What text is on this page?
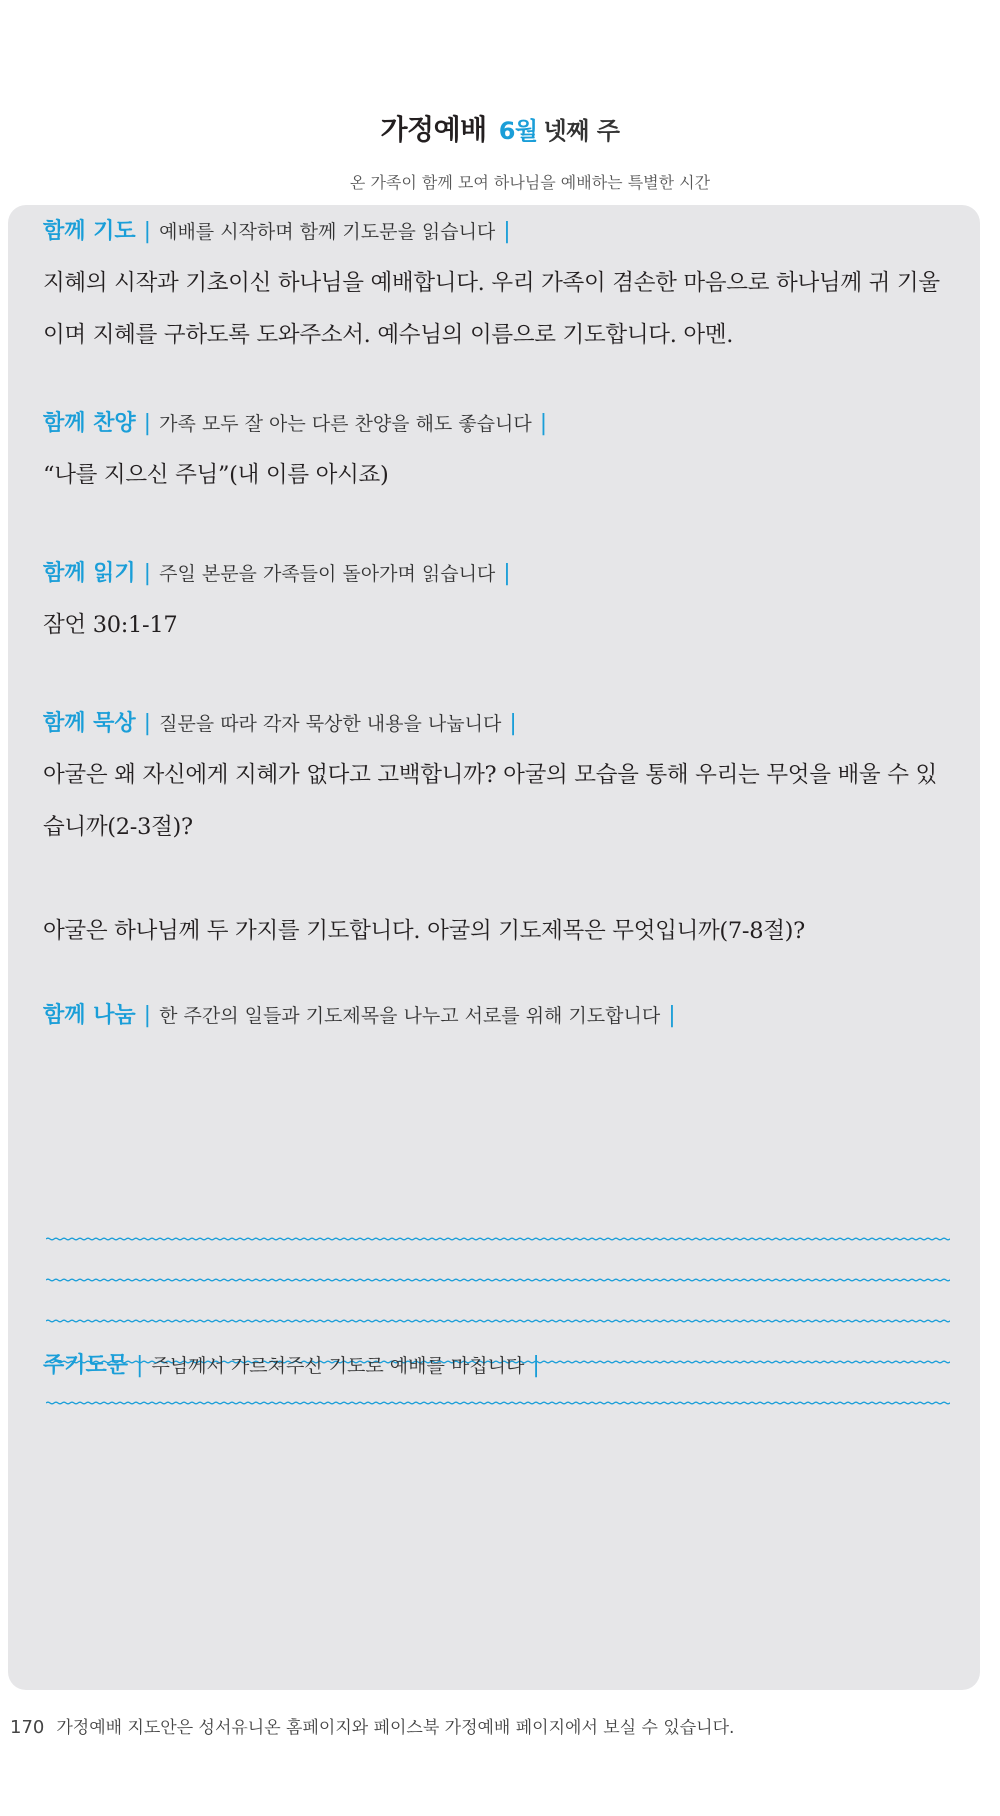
가정예배 6월 넷째 주
온 가족이 함께 모여 하나님을 예배하는 특별한 시간
함께 기도 | 예배를 시작하며 함께 기도문을 읽습니다 |

지혜의 시작과 기초이신 하나님을 예배합니다. 우리 가족이 겸손한 마음으로 하나님께 귀 기울이며 지혜를 구하도록 도와주소서. 예수님의 이름으로 기도합니다. 아멘.

함께 찬양 | 가족 모두 잘 아는 다른 찬양을 해도 좋습니다 |

“나를 지으신 주님”(내 이름 아시죠)

함께 읽기 | 주일 본문을 가족들이 돌아가며 읽습니다 |

잠언 30:1-17

함께 묵상 | 질문을 따라 각자 묵상한 내용을 나눕니다 |

아굴은 왜 자신에게 지혜가 없다고 고백합니까? 아굴의 모습을 통해 우리는 무엇을 배울 수 있습니까(2-3절)?

아굴은 하나님께 두 가지를 기도합니다. 아굴의 기도제목은 무엇입니까(7-8절)?

함께 나눔 | 한 주간의 일들과 기도제목을 나누고 서로를 위해 기도합니다 |
주기도문 | 주님께서 가르쳐주신 기도로 예배를 마칩니다 |
170 가정예배 지도안은 성서유니온 홈페이지와 페이스북 가정예배 페이지에서 보실 수 있습니다.
